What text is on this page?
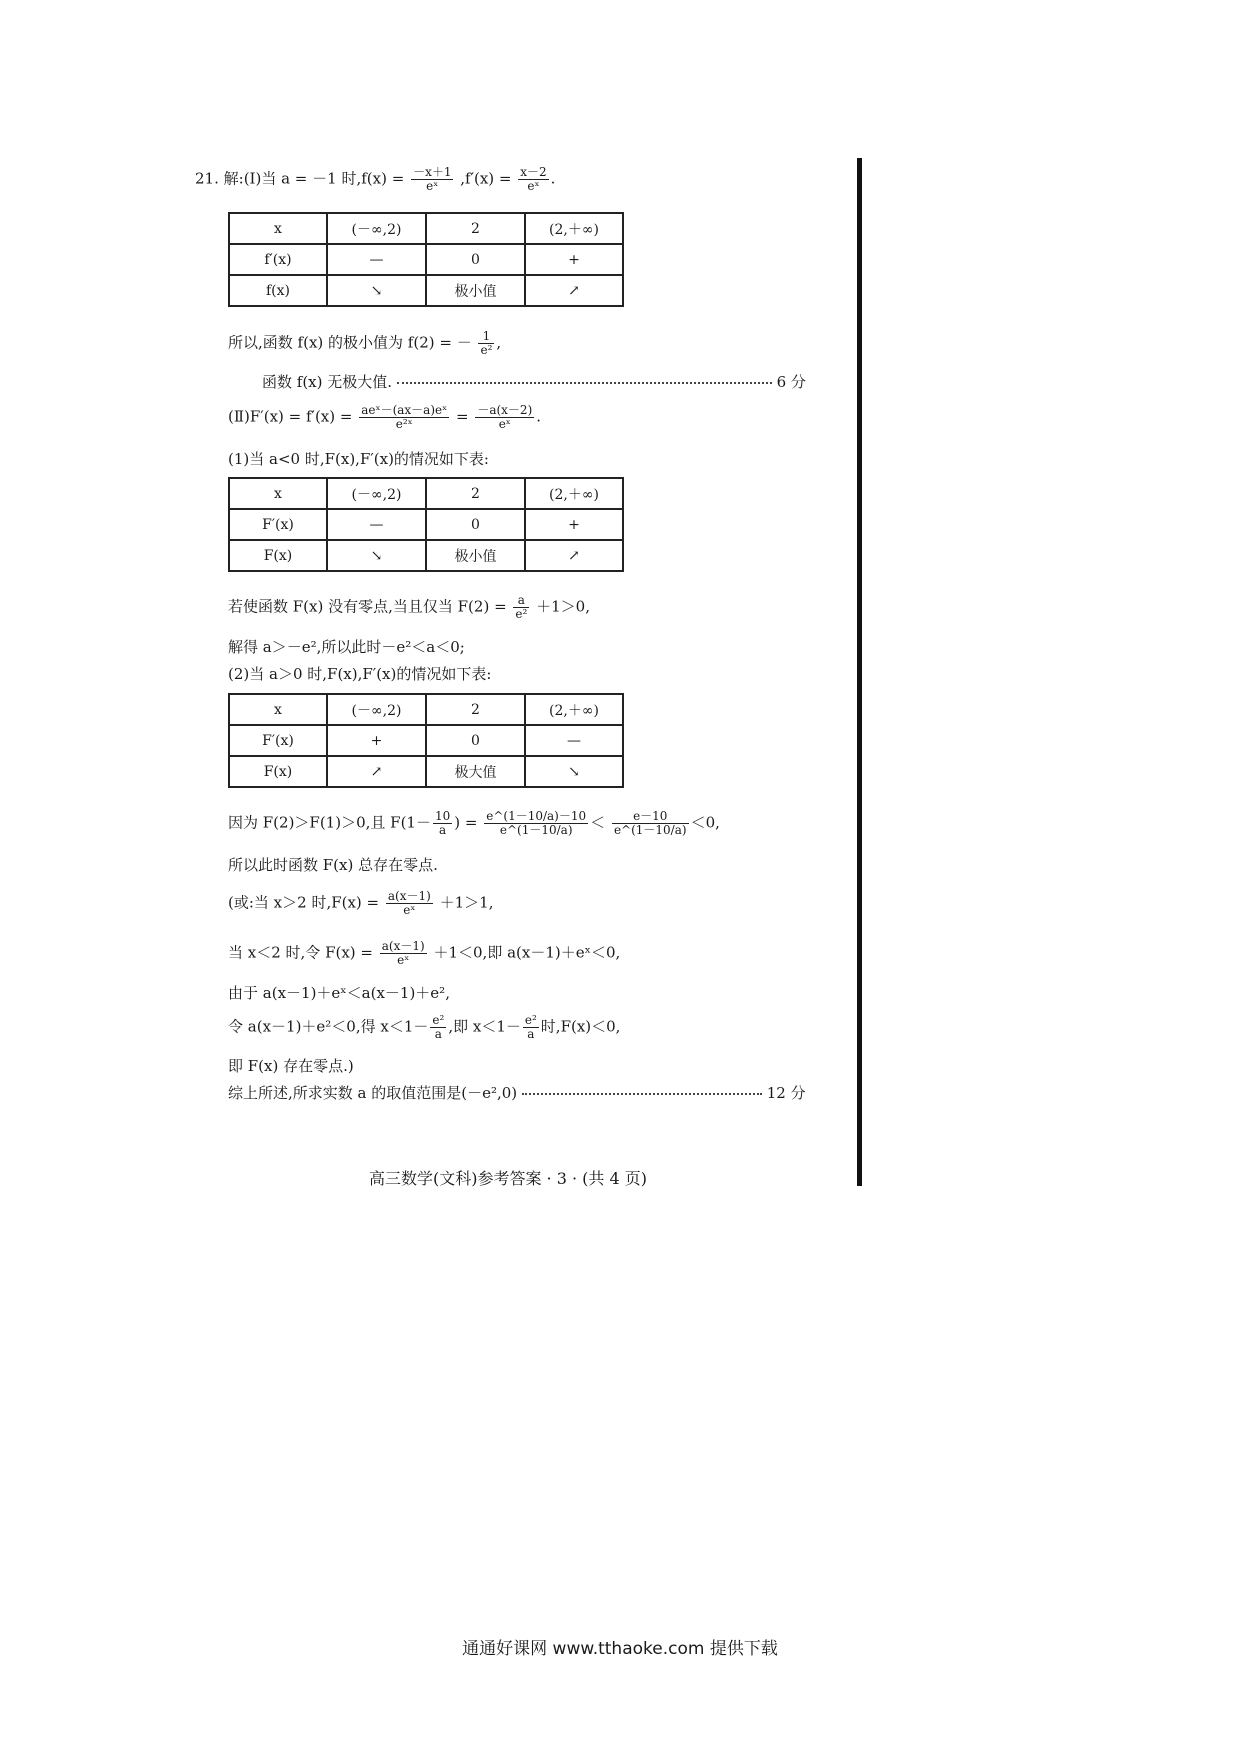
21. 解:(Ⅰ)当 a = －1 时$,f(x) = \frac{-x+1}{\text{eˣ}} ,f'(x) = \frac{x-2}{\text{eˣ}}$ .
x	(－∞,2)	2	(2,＋∞)
f′(x)	—	0	+
f(x)	↘	极小值	↗
所以,函数 f(x) 的极小值为 f(2) = － $\frac{1}{\text{e²}}$ ,
函数 f(x) 无极大值.	6 分
(Ⅱ)F′(x) = $f'(x) = \frac{\text{aeˣ－(ax－a)eˣ}}{\text{e²ˣ}} = \frac{-a(x-2)}{\text{eˣ}}$ .
(1)当 a<0 时,F(x),F′(x)的情况如下表:
x	(－∞,2)	2	(2,＋∞)
F′(x)	—	0	+
F(x)	↘	极小值	↗
若使函数 F(x) 没有零点,当且仅当 $F(2) = \frac{a}{\text{e²}} +1>0$,
解得 a＞－e²,所以此时－e²＜a＜0;
(2)当 a＞0 时,F(x),F′(x)的情况如下表:
x	(－∞,2)	2	(2,＋∞)
F′(x)	+	0	—
F(x)	↗	极大值	↘
因为 F(2)＞F(1)＞0,且 $F(1- \frac{10}{a}$ ) = $\frac{e\^{}(1-10/a)-10}{e\^{}(1-10/a)} < \frac{e-10}{e\^{}(1-10/a)} <0$,
所以此时函数 F(x) 总存在零点.
(或:当 x＞2 时$,F(x) = \frac{a(x-1)}{\text{eˣ}} +1>1$,
当 x＜2 时,令 $F(x) = \frac{a(x-1)}{\text{eˣ}} +1<0$,即 a(x－1)＋eˣ＜0,
由于 a(x－1)＋eˣ＜a(x－1)＋e²,
令 a(x－1)＋e²＜0,得 $x<1- \frac{\text{e²}}{a}$ ,即 $x<1- \frac{\text{e²}}{a}$ 时,F(x)＜0,
即 F(x) 存在零点.)
综上所述,所求实数 a 的取值范围是(－e²,0)	12 分
高三数学(文科)参考答案 · 3 · (共 4 页)
通通好课网 www.tthaoke.com 提供下载
